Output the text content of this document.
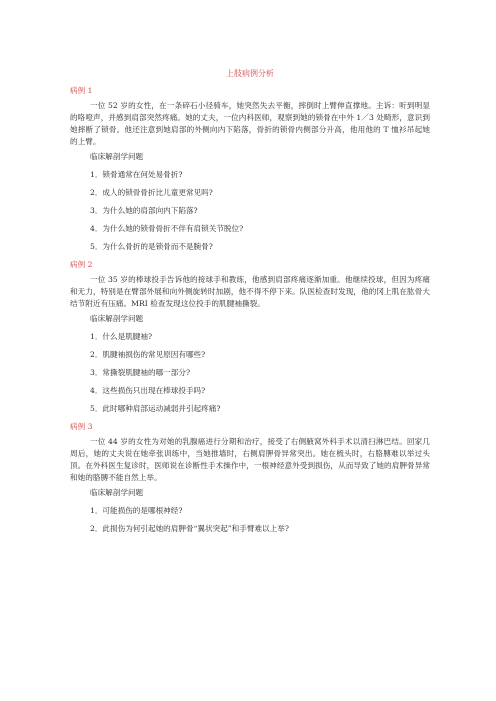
上肢病例分析
病例 1

一位 52 岁的女性，在一条碎石小径骑车，她突然失去平衡，摔倒时上臂伸直撑地。主诉：听到明显的咯噔声，并感到肩部突然疼痛。她的丈夫，一位内科医师，观察到她的锁骨在中外 1／3 处畸形，意识到她摔断了锁骨。他还注意到她肩部的外侧向内下陷落，骨折的锁骨内侧部分升高，他用他的 T 恤衫吊起她的上臂。

临床解剖学问题
1．锁骨通常在何处易骨折?
2．成人的锁骨骨折比儿童更常见吗?
3．为什么她的肩部向内下陷落?
4．为什么她的锁骨骨折不伴有肩锁关节脱位?
5．为什么骨折的是锁骨而不是腕骨?
病例 2

一位 35 岁的棒球投手告诉他的接球手和教练，他感到肩部疼痛逐渐加重。他继续投球，但因为疼痛和无力，特别是在臂部外展和向外侧旋转时加剧，他不得不停下来。队医检查时发现，他的冈上肌在肱骨大结节附近有压痛。MRI 检查发现这位投手的肌腱袖撕裂。

临床解剖学问题
1．什么是肌腱袖?
2．肌腱袖损伤的常见原因有哪些?
3．常撕裂肌腱袖的哪一部分?
4．这些损伤只出现在棒球投手吗?
5．此时哪种肩部运动减弱并引起疼痛?
病例 3

一位 44 岁的女性为对她的乳腺癌进行分期和治疗，接受了右侧腋窝外科手术以清扫淋巴结。回家几周后，她的丈夫说在她牵张训练中，当她推墙时，右侧肩胛骨异常突出。她在梳头时，右胳膊难以举过头顶。在外科医生复诊时，医师说在诊断性手术操作中，一根神经意外受到损伤，从而导致了她的肩胛骨异常和她的胳膊不能自然上举。

临床解剖学问题
1．可能损伤的是哪根神经?
2．此损伤为何引起她的肩胛骨“翼状突起”和手臂难以上举?
